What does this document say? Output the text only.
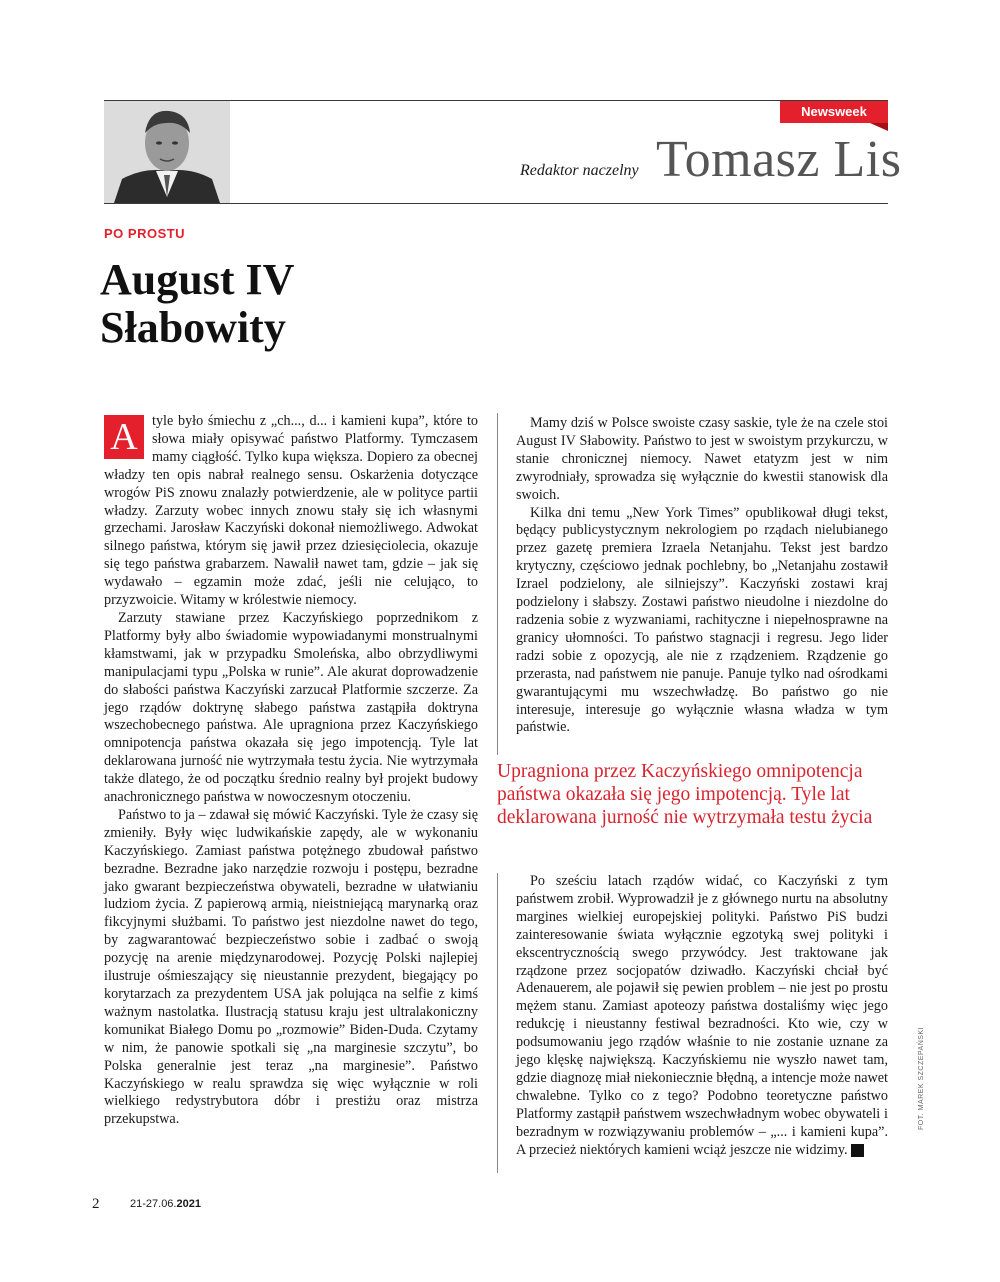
Newsweek
Redaktor naczelny Tomasz Lis
PO PROSTU
August IV
Słabowity

A	tyle było śmiechu z „ch..., d... i kamieni kupa”, które to słowa miały opisywać państwo Platformy. Tymczasem mamy ciągłość. Tylko kupa większa. Dopiero za obecnej władzy ten opis nabrał realnego sensu. Oskarżenia dotyczące wrogów PiS znowu znalazły potwierdzenie, ale w polityce partii władzy. Zarzuty wobec innych znowu stały się ich własnymi grzechami. Jarosław Kaczyński dokonał niemożliwego. Adwokat silnego państwa, którym się jawił przez dziesięciolecia, okazuje się tego państwa grabarzem. Nawalił nawet tam, gdzie – jak się wydawało – egzamin może zdać, jeśli nie celująco, to przyzwoicie. Witamy w królestwie niemocy.

Zarzuty stawiane przez Kaczyńskiego poprzednikom z Platformy były albo świadomie wypowiadanymi monstrualnymi kłamstwami, jak w przypadku Smoleńska, albo obrzydliwymi manipulacjami typu „Polska w runie”. Ale akurat doprowadzenie do słabości państwa Kaczyński zarzucał Platformie szczerze. Za jego rządów doktrynę słabego państwa zastąpiła doktryna wszechobecnego państwa. Ale upragniona przez Kaczyńskiego omnipotencja państwa okazała się jego impotencją. Tyle lat deklarowana jurność nie wytrzymała testu życia. Nie wytrzymała także dlatego, że od początku średnio realny był projekt budowy anachronicznego państwa w nowoczesnym otoczeniu.

Państwo to ja – zdawał się mówić Kaczyński. Tyle że czasy się zmieniły. Były więc ludwikańskie zapędy, ale w wykonaniu Kaczyńskiego. Zamiast państwa potężnego zbudował państwo bezradne. Bezradne jako narzędzie rozwoju i postępu, bezradne jako gwarant bezpieczeństwa obywateli, bezradne w ułatwianiu ludziom życia. Z papierową armią, nieistniejącą marynarką oraz fikcyjnymi służbami. To państwo jest niezdolne nawet do tego, by zagwarantować bezpieczeństwo sobie i zadbać o swoją pozycję na arenie międzynarodowej. Pozycję Polski najlepiej ilustruje ośmieszający się nieustannie prezydent, biegający po korytarzach za prezydentem USA jak polująca na selfie z kimś ważnym nastolatka. Ilustracją statusu kraju jest ultralakoniczny komunikat Białego Domu po „rozmowie” Biden-Duda. Czytamy w nim, że panowie spotkali się „na marginesie szczytu”, bo Polska generalnie jest teraz „na marginesie”. Państwo Kaczyńskiego w realu sprawdza się więc wyłącznie w roli wielkiego redystrybutora dóbr i prestiżu oraz mistrza przekupstwa.

Mamy dziś w Polsce swoiste czasy saskie, tyle że na czele stoi August IV Słabowity. Państwo to jest w swoistym przykurczu, w stanie chronicznej niemocy. Nawet etatyzm jest w nim zwyrodniały, sprowadza się wyłącznie do kwestii stanowisk dla swoich.

Kilka dni temu „New York Times” opublikował długi tekst, będący publicystycznym nekrologiem po rządach nielubianego przez gazetę premiera Izraela Netanjahu. Tekst jest bardzo krytyczny, częściowo jednak pochlebny, bo „Netanjahu zostawił Izrael podzielony, ale silniejszy”. Kaczyński zostawi kraj podzielony i słabszy. Zostawi państwo nieudolne i niezdolne do radzenia sobie z wyzwaniami, rachityczne i niepełnosprawne na granicy ułomności. To państwo stagnacji i regresu. Jego lider radzi sobie z opozycją, ale nie z rządzeniem. Rządzenie go przerasta, nad państwem nie panuje. Panuje tylko nad ośrodkami gwarantującymi mu wszechwładzę. Bo państwo go nie interesuje, interesuje go wyłącznie własna władza w tym państwie.

Upragniona przez Kaczyńskiego omnipotencja państwa okazała się jego impotencją. Tyle lat deklarowana jurność nie wytrzymała testu życia

Po sześciu latach rządów widać, co Kaczyński z tym państwem zrobił. Wyprowadził je z głównego nurtu na absolutny margines wielkiej europejskiej polityki. Państwo PiS budzi zainteresowanie świata wyłącznie egzotyką swej polityki i ekscentrycznością swego przywódcy. Jest traktowane jak rządzone przez socjopatów dziwadło. Kaczyński chciał być Adenauerem, ale pojawił się pewien problem – nie jest po prostu mężem stanu. Zamiast apoteozy państwa dostaliśmy więc jego redukcję i nieustanny festiwal bezradności. Kto wie, czy w podsumowaniu jego rządów właśnie to nie zostanie uznane za jego klęskę największą. Kaczyńskiemu nie wyszło nawet tam, gdzie diagnozę miał niekoniecznie błędną, a intencje może nawet chwalebne. Tylko co z tego? Podobno teoretyczne państwo Platformy zastąpił państwem wszechwładnym wobec obywateli i bezradnym w rozwiązywaniu problemów – „... i kamieni kupa”. A przecież niektórych kamieni wciąż jeszcze nie widzimy. N

2	21-27.06.2021
FOT. MAREK SZCZEPAŃSKI
